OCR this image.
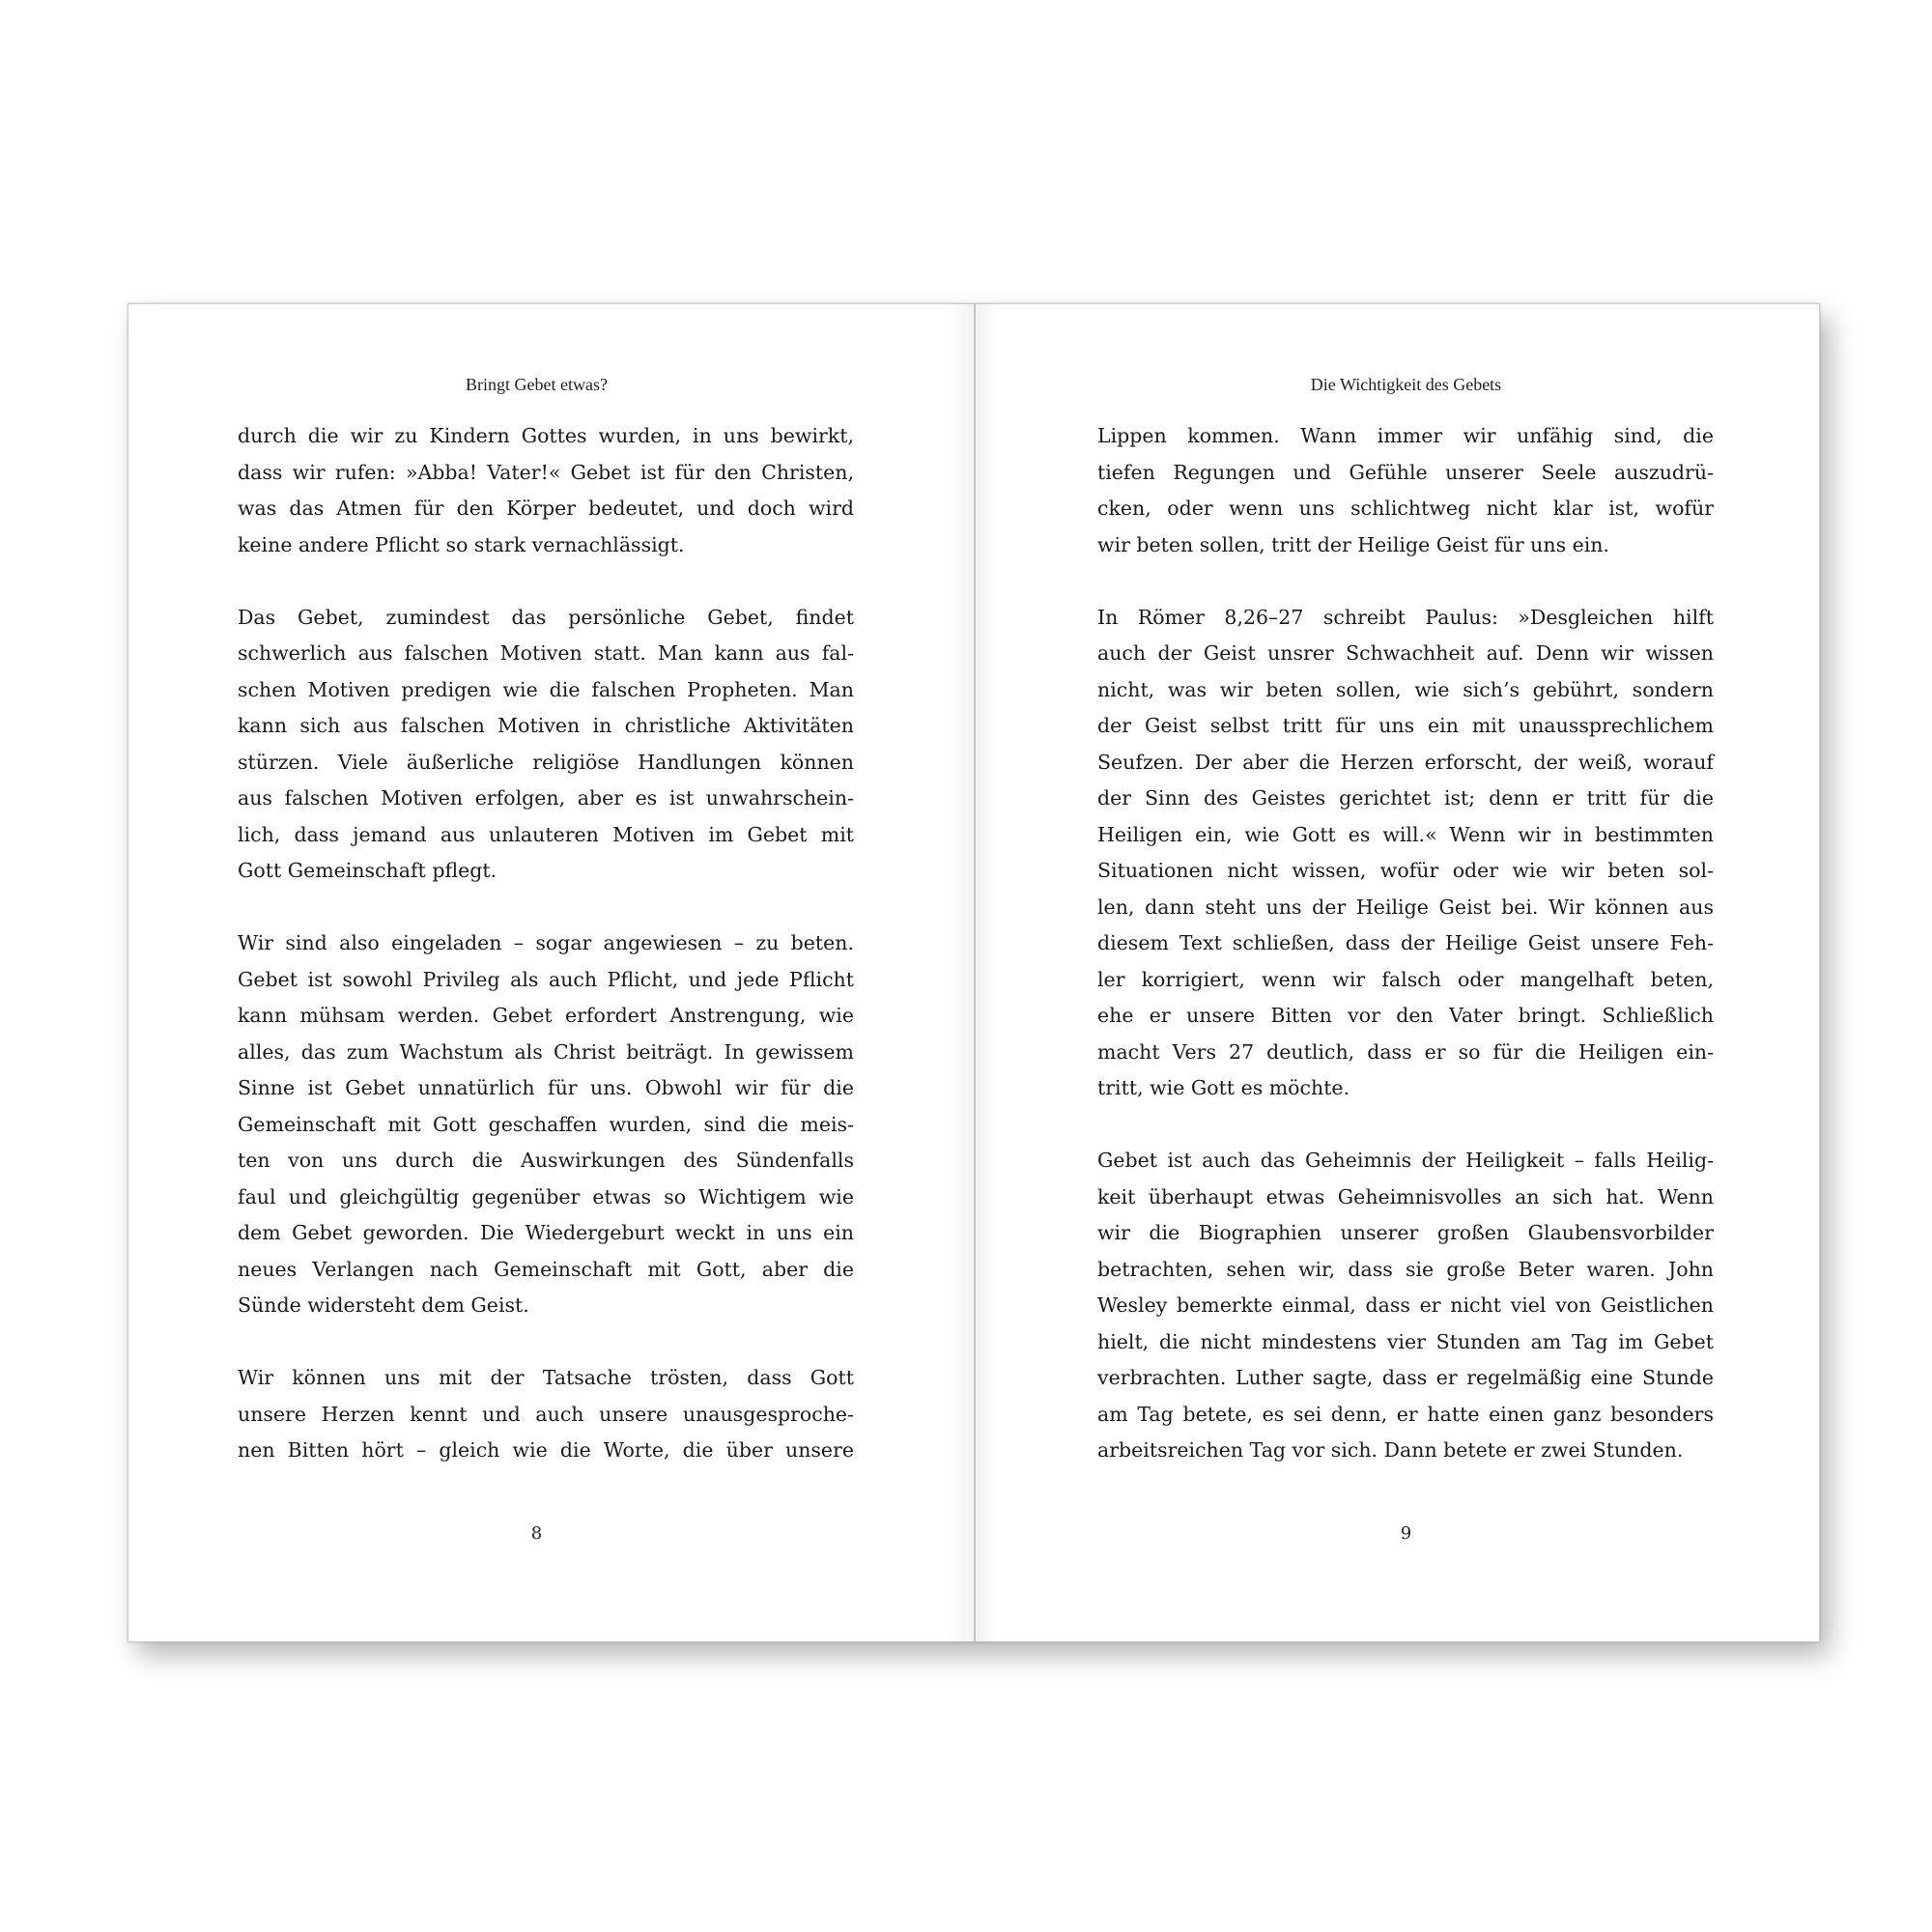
Bringt Gebet etwas?
durch die wir zu Kindern Gottes wurden, in uns bewirkt,
dass wir rufen: »Abba! Vater!« Gebet ist für den Christen,
was das Atmen für den Körper bedeutet, und doch wird
keine andere Pflicht so stark vernachlässigt.
Das Gebet, zumindest das persönliche Gebet, findet
schwerlich aus falschen Motiven statt. Man kann aus fal-
schen Motiven predigen wie die falschen Propheten. Man
kann sich aus falschen Motiven in christliche Aktivitäten
stürzen. Viele äußerliche religiöse Handlungen können
aus falschen Motiven erfolgen, aber es ist unwahrschein-
lich, dass jemand aus unlauteren Motiven im Gebet mit
Gott Gemeinschaft pflegt.
Wir sind also eingeladen – sogar angewiesen – zu beten.
Gebet ist sowohl Privileg als auch Pflicht, und jede Pflicht
kann mühsam werden. Gebet erfordert Anstrengung, wie
alles, das zum Wachstum als Christ beiträgt. In gewissem
Sinne ist Gebet unnatürlich für uns. Obwohl wir für die
Gemeinschaft mit Gott geschaffen wurden, sind die meis-
ten von uns durch die Auswirkungen des Sündenfalls
faul und gleichgültig gegenüber etwas so Wichtigem wie
dem Gebet geworden. Die Wiedergeburt weckt in uns ein
neues Verlangen nach Gemeinschaft mit Gott, aber die
Sünde widersteht dem Geist.
Wir können uns mit der Tatsache trösten, dass Gott
unsere Herzen kennt und auch unsere unausgesproche-
nen Bitten hört – gleich wie die Worte, die über unsere
8
Die Wichtigkeit des Gebets
Lippen kommen. Wann immer wir unfähig sind, die
tiefen Regungen und Gefühle unserer Seele auszudrü-
cken, oder wenn uns schlichtweg nicht klar ist, wofür
wir beten sollen, tritt der Heilige Geist für uns ein.
In Römer 8,26–27 schreibt Paulus: »Desgleichen hilft
auch der Geist unsrer Schwachheit auf. Denn wir wissen
nicht, was wir beten sollen, wie sich’s gebührt, sondern
der Geist selbst tritt für uns ein mit unaussprechlichem
Seufzen. Der aber die Herzen erforscht, der weiß, worauf
der Sinn des Geistes gerichtet ist; denn er tritt für die
Heiligen ein, wie Gott es will.« Wenn wir in bestimmten
Situationen nicht wissen, wofür oder wie wir beten sol-
len, dann steht uns der Heilige Geist bei. Wir können aus
diesem Text schließen, dass der Heilige Geist unsere Feh-
ler korrigiert, wenn wir falsch oder mangelhaft beten,
ehe er unsere Bitten vor den Vater bringt. Schließlich
macht Vers 27 deutlich, dass er so für die Heiligen ein-
tritt, wie Gott es möchte.
Gebet ist auch das Geheimnis der Heiligkeit – falls Heilig-
keit überhaupt etwas Geheimnisvolles an sich hat. Wenn
wir die Biographien unserer großen Glaubensvorbilder
betrachten, sehen wir, dass sie große Beter waren. John
Wesley bemerkte einmal, dass er nicht viel von Geistlichen
hielt, die nicht mindestens vier Stunden am Tag im Gebet
verbrachten. Luther sagte, dass er regelmäßig eine Stunde
am Tag betete, es sei denn, er hatte einen ganz besonders
arbeitsreichen Tag vor sich. Dann betete er zwei Stunden.
9
